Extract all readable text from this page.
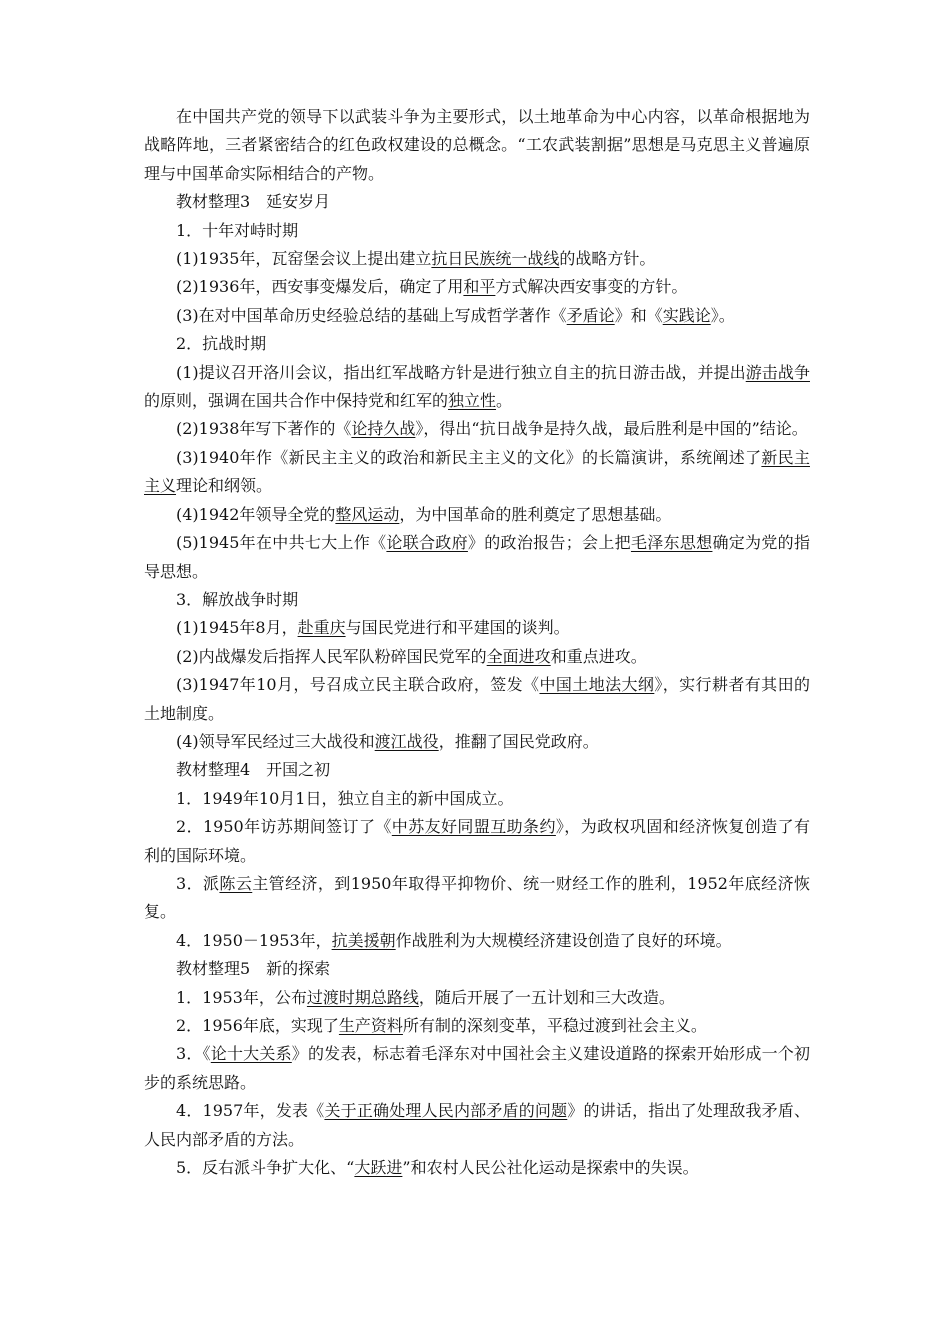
在中国共产党的领导下以武装斗争为主要形式，以土地革命为中心内容，以革命根据地为战略阵地，三者紧密结合的红色政权建设的总概念。“工农武装割据”思想是马克思主义普遍原理与中国革命实际相结合的产物。

教材整理3　延安岁月

1．十年对峙时期

(1)1935年，瓦窑堡会议上提出建立抗日民族统一战线的战略方针。

(2)1936年，西安事变爆发后，确定了用和平方式解决西安事变的方针。

(3)在对中国革命历史经验总结的基础上写成哲学著作《矛盾论》和《实践论》。

2．抗战时期

(1)提议召开洛川会议，指出红军战略方针是进行独立自主的抗日游击战，并提出游击战争的原则，强调在国共合作中保持党和红军的独立性。

(2)1938年写下著作的《论持久战》，得出“抗日战争是持久战，最后胜利是中国的”结论。

(3)1940年作《新民主主义的政治和新民主主义的文化》的长篇演讲，系统阐述了新民主主义理论和纲领。

(4)1942年领导全党的整风运动，为中国革命的胜利奠定了思想基础。

(5)1945年在中共七大上作《论联合政府》的政治报告；会上把毛泽东思想确定为党的指导思想。

3．解放战争时期

(1)1945年8月，赴重庆与国民党进行和平建国的谈判。

(2)内战爆发后指挥人民军队粉碎国民党军的全面进攻和重点进攻。

(3)1947年10月，号召成立民主联合政府，签发《中国土地法大纲》，实行耕者有其田的土地制度。

(4)领导军民经过三大战役和渡江战役，推翻了国民党政府。

教材整理4　开国之初

1．1949年10月1日，独立自主的新中国成立。

2．1950年访苏期间签订了《中苏友好同盟互助条约》，为政权巩固和经济恢复创造了有利的国际环境。

3．派陈云主管经济，到1950年取得平抑物价、统一财经工作的胜利，1952年底经济恢复。

4．1950－1953年，抗美援朝作战胜利为大规模经济建设创造了良好的环境。

教材整理5　新的探索

1．1953年，公布过渡时期总路线，随后开展了一五计划和三大改造。

2．1956年底，实现了生产资料所有制的深刻变革，平稳过渡到社会主义。

3．《论十大关系》的发表，标志着毛泽东对中国社会主义建设道路的探索开始形成一个初步的系统思路。

4．1957年，发表《关于正确处理人民内部矛盾的问题》的讲话，指出了处理敌我矛盾、人民内部矛盾的方法。

5．反右派斗争扩大化、“大跃进”和农村人民公社化运动是探索中的失误。
